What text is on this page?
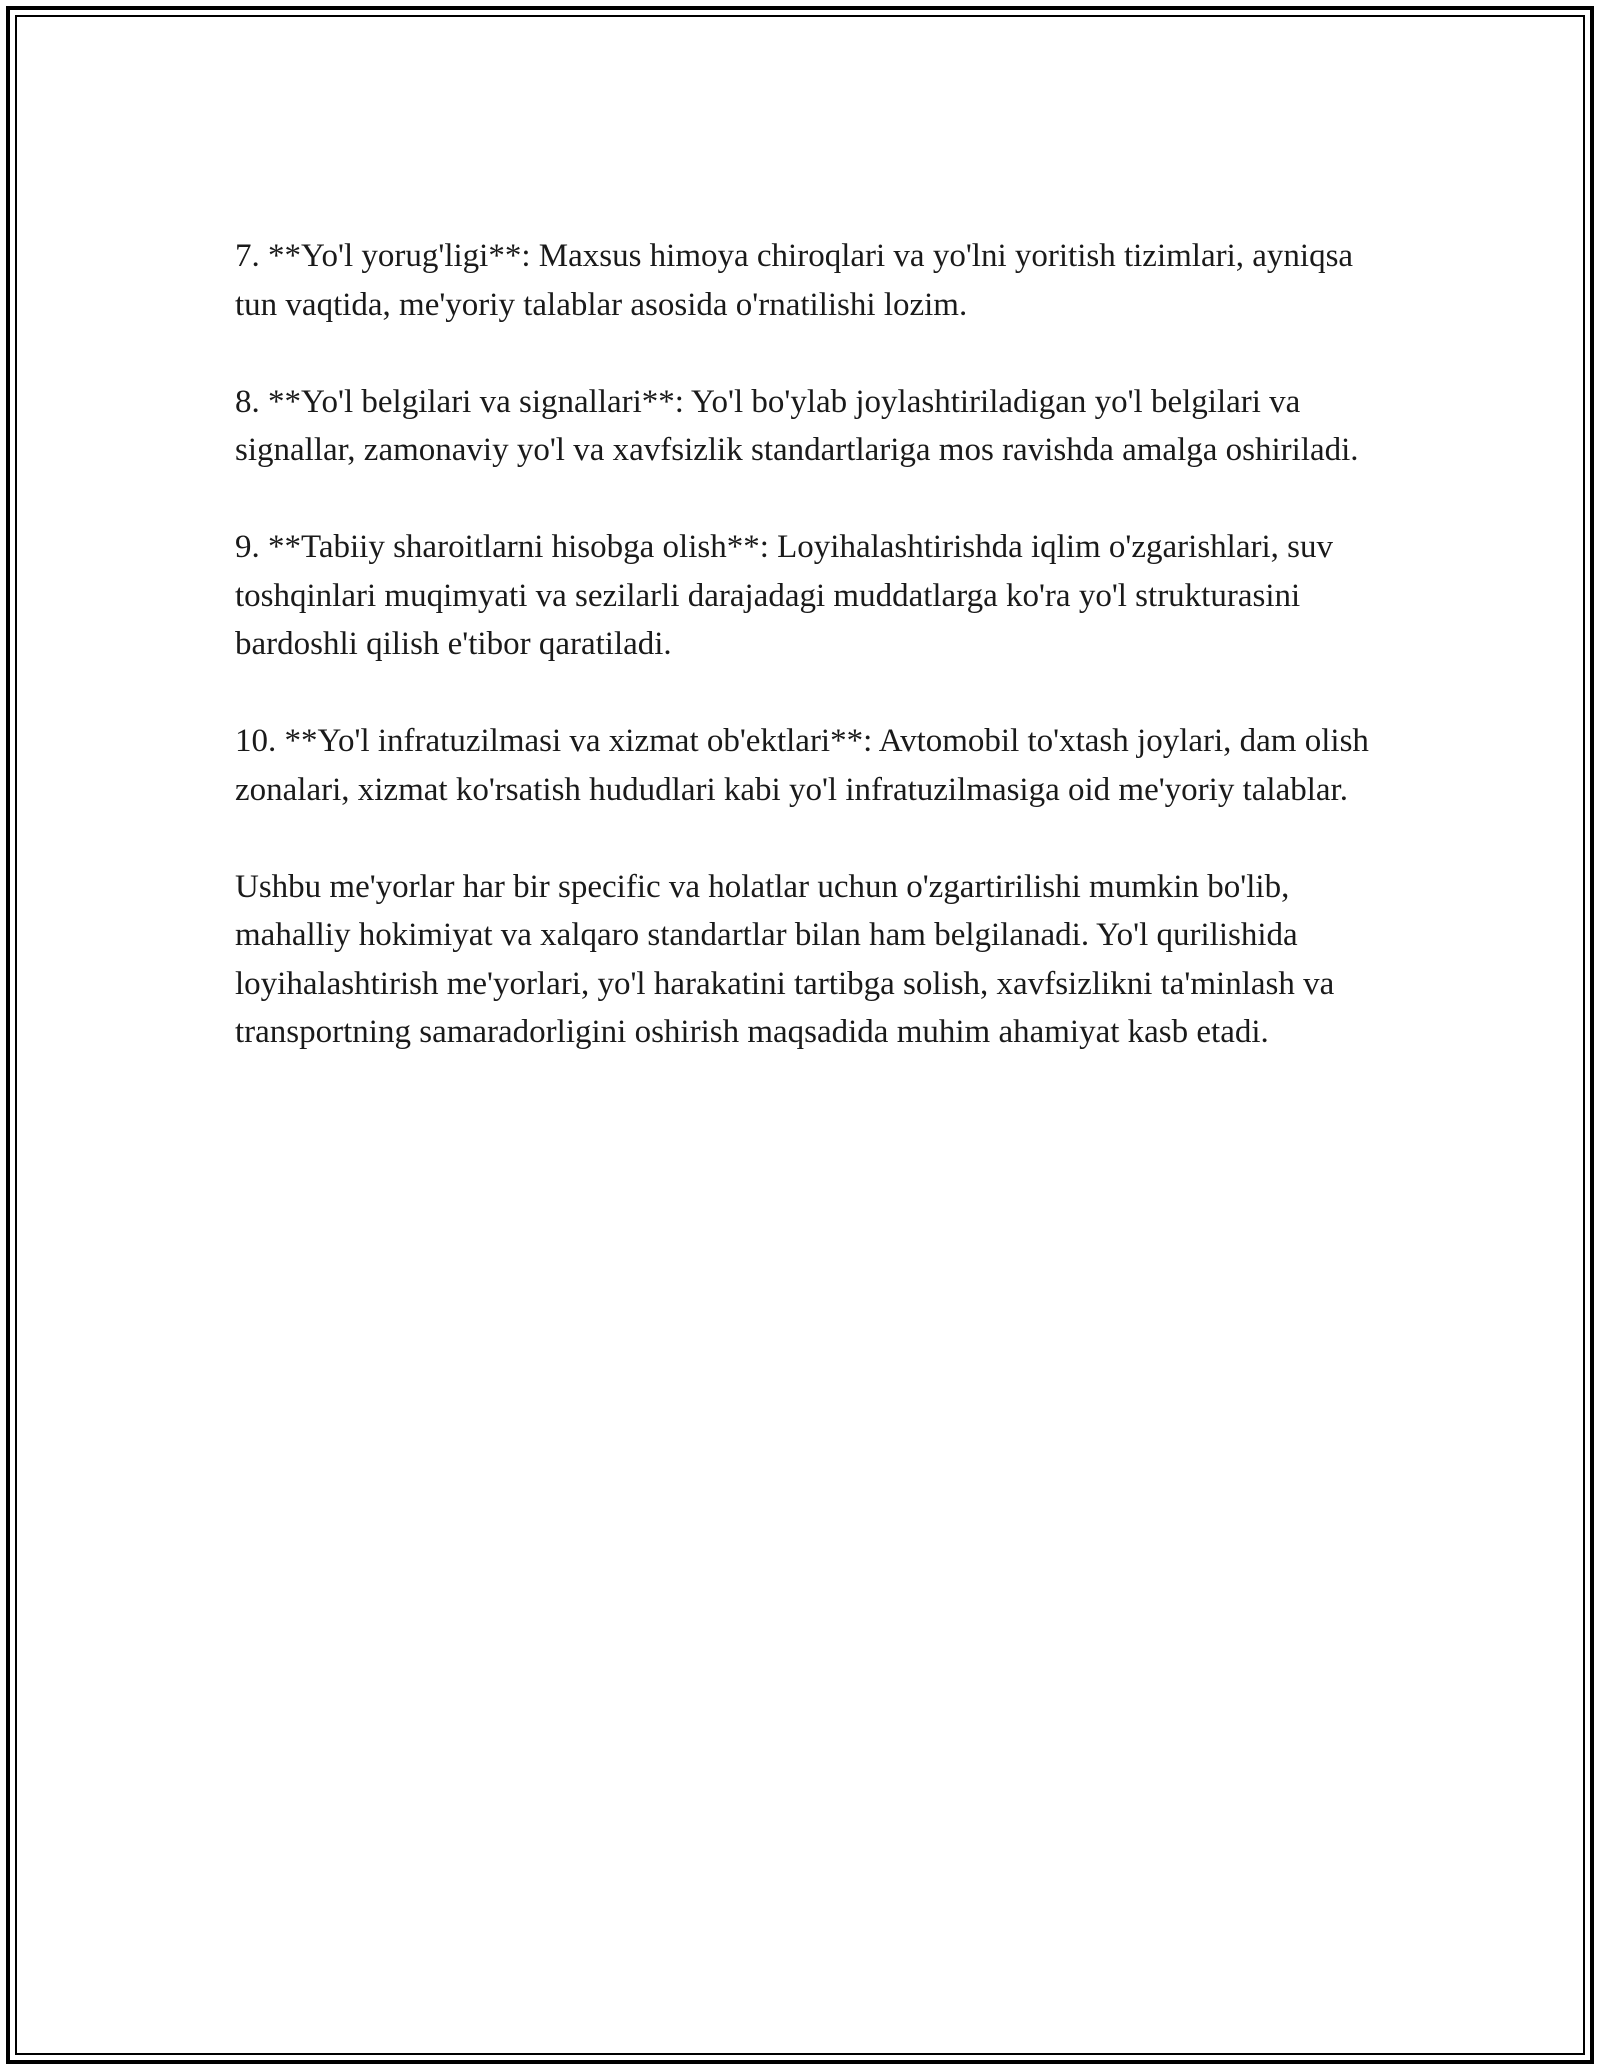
7. **Yo'l yorug'ligi**: Maxsus himoya chiroqlari va yo'lni yoritish tizimlari, ayniqsa tun vaqtida, me'yoriy talablar asosida o'rnatilishi lozim.

8. **Yo'l belgilari va signallari**: Yo'l bo'ylab joylashtiriladigan yo'l belgilari va signallar, zamonaviy yo'l va xavfsizlik standartlariga mos ravishda amalga oshiriladi.

9. **Tabiiy sharoitlarni hisobga olish**: Loyihalashtirishda iqlim o'zgarishlari, suv toshqinlari muqimyati va sezilarli darajadagi muddatlarga ko'ra yo'l strukturasini bardoshli qilish e'tibor qaratiladi.

10. **Yo'l infratuzilmasi va xizmat ob'ektlari**: Avtomobil to'xtash joylari, dam olish zonalari, xizmat ko'rsatish hududlari kabi yo'l infratuzilmasiga oid me'yoriy talablar.

Ushbu me'yorlar har bir specific va holatlar uchun o'zgartirilishi mumkin bo'lib, mahalliy hokimiyat va xalqaro standartlar bilan ham belgilanadi. Yo'l qurilishida loyihalashtirish me'yorlari, yo'l harakatini tartibga solish, xavfsizlikni ta'minlash va transportning samaradorligini oshirish maqsadida muhim ahamiyat kasb etadi.
